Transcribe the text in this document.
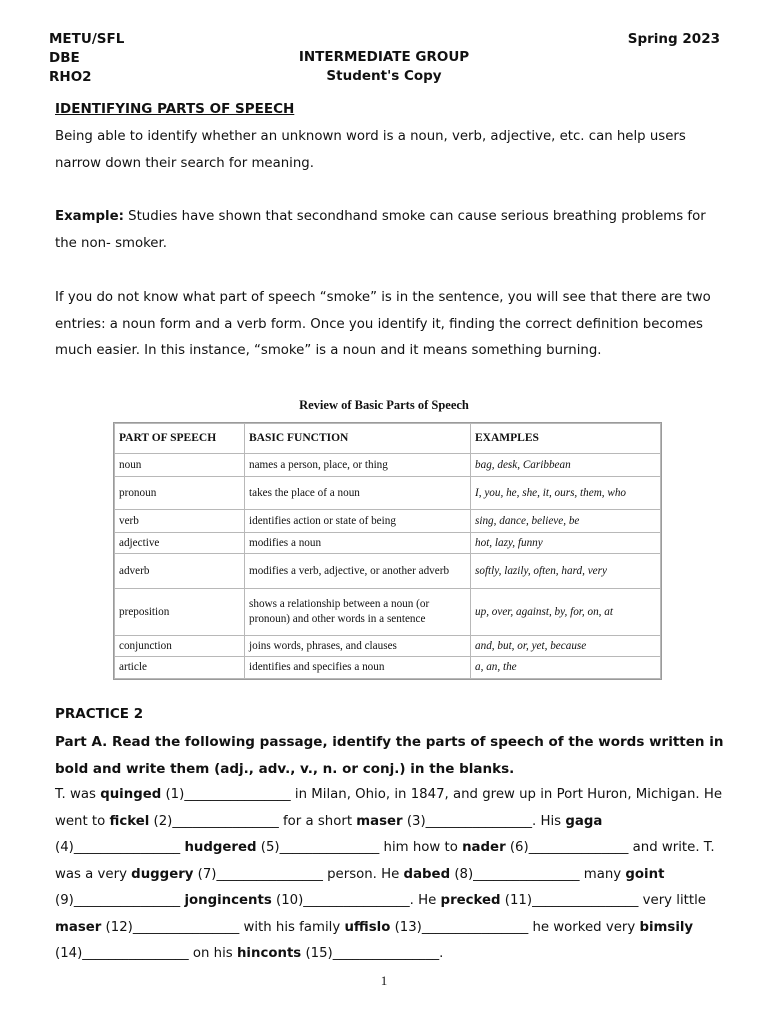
METU/SFL
DBE
RHO2
INTERMEDIATE GROUP
Student's Copy
Spring 2023
IDENTIFYING PARTS OF SPEECH
Being able to identify whether an unknown word is a noun, verb, adjective, etc. can help users narrow down their search for meaning.
Example: Studies have shown that secondhand smoke can cause serious breathing problems for the non- smoker.
If you do not know what part of speech “smoke” is in the sentence, you will see that there are two entries: a noun form and a verb form. Once you identify it, finding the correct definition becomes much easier. In this instance, “smoke” is a noun and it means something burning.
Review of Basic Parts of Speech
PART OF SPEECH	BASIC FUNCTION	EXAMPLES
noun	names a person, place, or thing	bag, desk, Caribbean
pronoun	takes the place of a noun	I, you, he, she, it, ours, them, who
verb	identifies action or state of being	sing, dance, believe, be
adjective	modifies a noun	hot, lazy, funny
adverb	modifies a verb, adjective, or another adverb	softly, lazily, often, hard, very
preposition	shows a relationship between a noun (or pronoun) and other words in a sentence	up, over, against, by, for, on, at
conjunction	joins words, phrases, and clauses	and, but, or, yet, because
article	identifies and specifies a noun	a, an, the
PRACTICE 2
Part A. Read the following passage, identify the parts of speech of the words written in bold and write them (adj., adv., v., n. or conj.) in the blanks.
T. was quinged (1)________________ in Milan, Ohio, in 1847, and grew up in Port Huron, Michigan. He went to fickel (2)________________ for a short maser (3)________________. His gaga (4)________________ hudgered (5)_______________ him how to nader (6)_______________ and write. T. was a very duggery (7)________________ person. He dabed (8)________________ many goint (9)________________ jongincents (10)________________. He precked (11)________________ very little maser (12)________________ with his family uffislo (13)________________ he worked very bimsily (14)________________ on his hinconts (15)________________.
1
